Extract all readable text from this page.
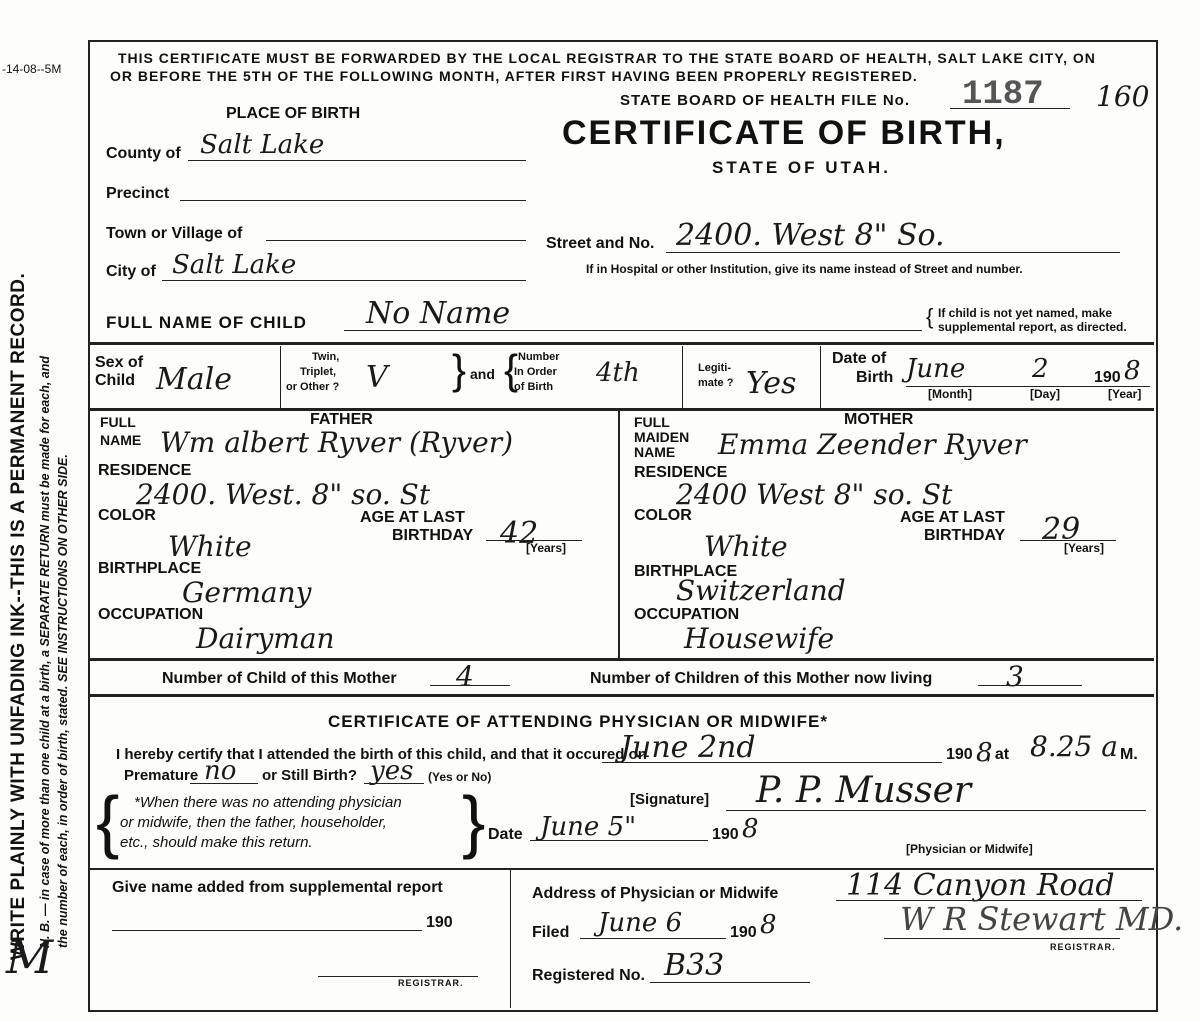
-14-08--5M
WRITE PLAINLY WITH UNFADING INK--THIS IS A PERMANENT RECORD. N. B. — in case of more than one child at a birth, a SEPARATE RETURN must be made for each, and the number of each, in order of birth, stated. SEE INSTRUCTIONS ON OTHER SIDE.
M
THIS CERTIFICATE MUST BE FORWARDED BY THE LOCAL REGISTRAR TO THE STATE BOARD OF HEALTH, SALT LAKE CITY, ON
OR BEFORE THE 5TH OF THE FOLLOWING MONTH, AFTER FIRST HAVING BEEN PROPERLY REGISTERED.
STATE BOARD OF HEALTH FILE No. 1187 160
CERTIFICATE OF BIRTH,
STATE OF UTAH.
PLACE OF BIRTH
County of Salt Lake
Precinct
Town or Village of
City of Salt Lake
Street and No. 2400. West 8" So.
If in Hospital or other Institution, give its name instead of Street and number.
FULL NAME OF CHILD No Name	{ If child is not yet named, make
supplemental report, as directed.
Sex of
Child Male
Twin,
Triplet,
or Other ? V } and { Number
In Order
of Birth 4th	Legiti-
mate ? Yes
Date of
Birth June	2	190 8
[Month]	[Day]	[Year]
FATHER
FULL
NAME Wm albert Ryver (Ryver)
RESIDENCE
2400. West. 8" so. St
COLOR
White
AGE AT LAST
BIRTHDAY 42
[Years]
BIRTHPLACE
Germany
OCCUPATION
Dairyman
MOTHER
FULL
MAIDEN
NAME Emma Zeender Ryver
RESIDENCE
2400 West 8" so. St
COLOR
White
AGE AT LAST
BIRTHDAY 29
[Years]
BIRTHPLACE
Switzerland
OCCUPATION
Housewife
Number of Child of this Mother 4	Number of Children of this Mother now living	3
CERTIFICATE OF ATTENDING PHYSICIAN OR MIDWIFE*
I hereby certify that I attended the birth of this child, and that it occured on
June 2nd	190 8
, at 8.25 a M.
Premature no or Still Birth? yes (Yes or No)
{	}
*When there was no attending physician
or midwife, then the father, householder,
etc., should make this return.
[Signature] P. P. Musser
Date June 5"	190 8
[Physician or Midwife]
Give name added from supplemental report
190
REGISTRAR.
Address of Physician or Midwife 114 Canyon Road
Filed June 6	190 8	W R Stewart MD.
REGISTRAR.
Registered No. B33
